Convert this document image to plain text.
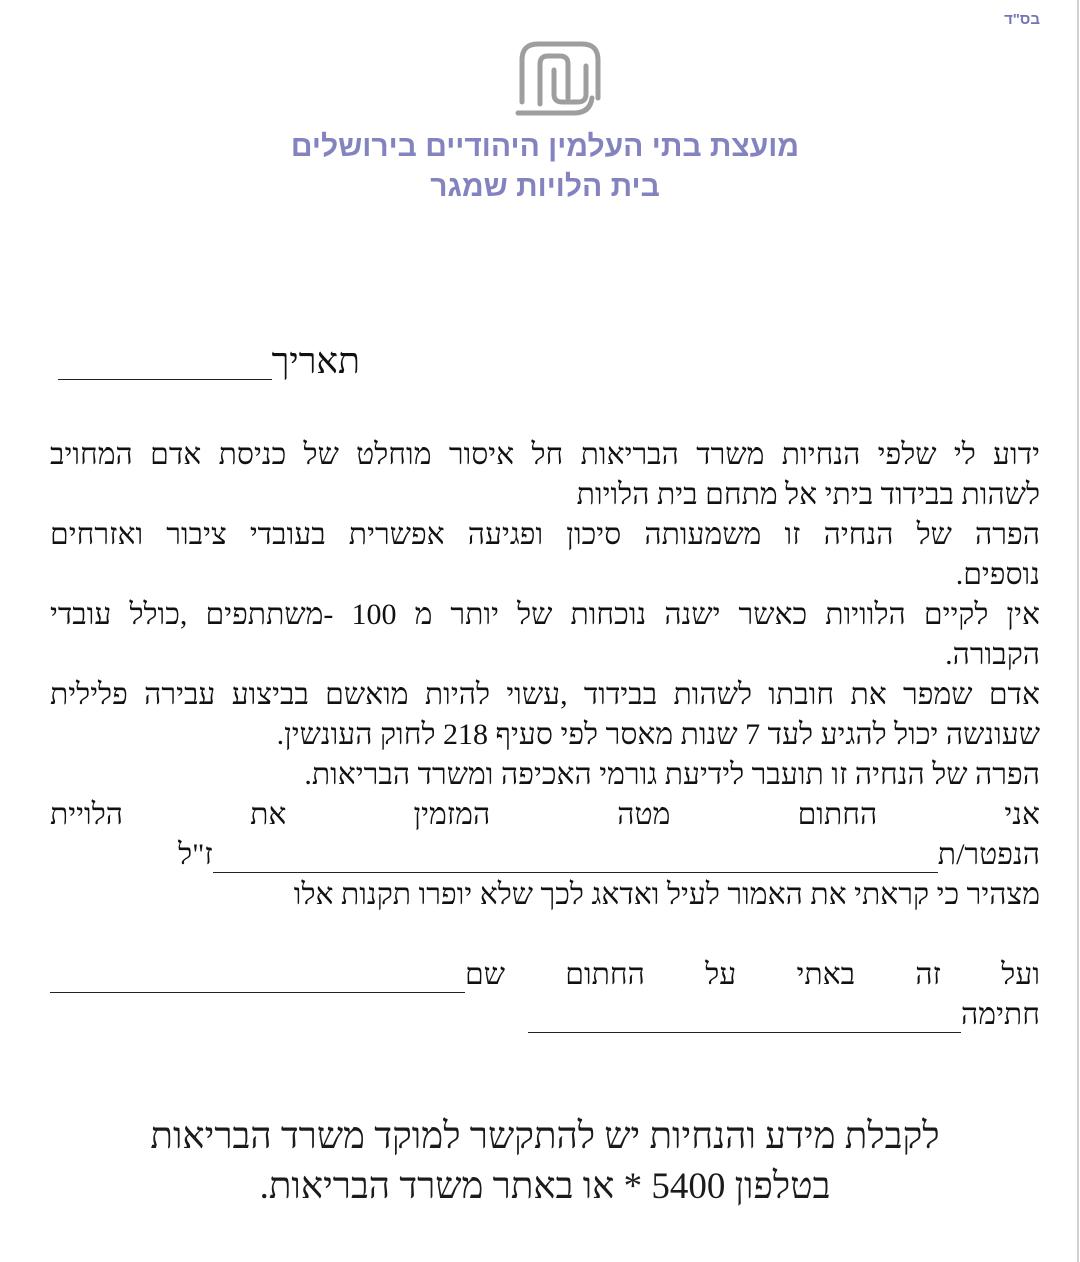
בס"ד
מועצת בתי העלמין היהודיים בירושלים
בית הלויות שמגר
תאריך
ידוע לי שלפי הנחיות משרד הבריאות חל איסור מוחלט של כניסת אדם המחויב
לשהות בבידוד ביתי אל מתחם בית הלויות
הפרה של הנחיה זו משמעותה סיכון ופגיעה אפשרית בעובדי ציבור ואזרחים
נוספים.
אין לקיים הלוויות כאשר ישנה נוכחות של יותר מ 100 -משתתפים ,כולל עובדי
הקבורה.
אדם שמפר את חובתו לשהות בבידוד ,עשוי להיות מואשם בביצוע עבירה פלילית
שעונשה יכול להגיע לעד 7 שנות מאסר לפי סעיף 218 לחוק העונשין.
הפרה של הנחיה זו תועבר לידיעת גורמי האכיפה ומשרד הבריאות.
אני החתום מטה המזמין את הלויית
הנפטר/ת
ז"ל
מצהיר כי קראתי את האמור לעיל ואדאג לכך שלא יופרו תקנות אלו
ועל זה באתי על החתום שם
חתימה
לקבלת מידע והנחיות יש להתקשר למוקד משרד הבריאות
בטלפון 5400 * או באתר משרד הבריאות.
